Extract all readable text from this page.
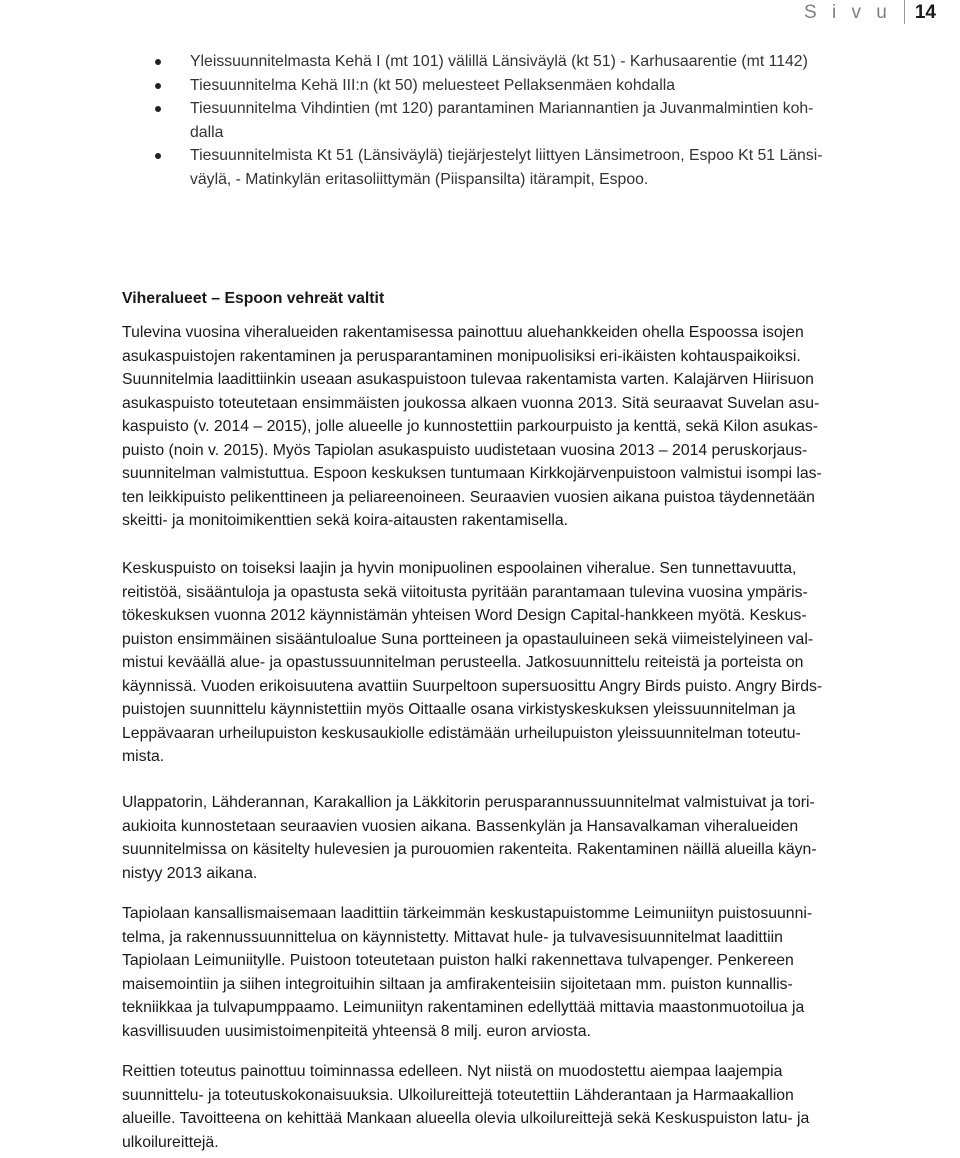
S i v u	14
Yleissuunnitelmasta Kehä I (mt 101) välillä Länsiväylä (kt 51) - Karhusaarentie (mt 1142)
Tiesuunnitelma Kehä III:n (kt 50) meluesteet Pellaksenmäen kohdalla
Tiesuunnitelma Vihdintien (mt 120) parantaminen Mariannantien ja Juvanmalmintien koh-
dalla
Tiesuunnitelmista Kt 51 (Länsiväylä) tiejärjestelyt liittyen Länsimetroon, Espoo Kt 51 Länsi-
väylä, - Matinkylän eritasoliittymän (Piispansilta) itärampit, Espoo.
Viheralueet – Espoon vehreät valtit
Tulevina vuosina viheralueiden rakentamisessa painottuu aluehankkeiden ohella Espoossa isojen
asukaspuistojen rakentaminen ja perusparantaminen monipuolisiksi eri-ikäisten kohtauspaikoiksi.
Suunnitelmia laadittiinkin useaan asukaspuistoon tulevaa rakentamista varten. Kalajärven Hiirisuon
asukaspuisto toteutetaan ensimmäisten joukossa alkaen vuonna 2013. Sitä seuraavat Suvelan asu-
kaspuisto (v. 2014 – 2015), jolle alueelle jo kunnostettiin parkourpuisto ja kenttä, sekä Kilon asukas-
puisto (noin v. 2015). Myös Tapiolan asukaspuisto uudistetaan vuosina 2013 – 2014 peruskorjaus-
suunnitelman valmistuttua. Espoon keskuksen tuntumaan Kirkkojärvenpuistoon valmistui isompi las-
ten leikkipuisto pelikenttineen ja peliareenoineen. Seuraavien vuosien aikana puistoa täydennetään
skeitti- ja monitoimikenttien sekä koira-aitausten rakentamisella.
Keskuspuisto on toiseksi laajin ja hyvin monipuolinen espoolainen viheralue. Sen tunnettavuutta,
reitistöä, sisääntuloja ja opastusta sekä viitoitusta pyritään parantamaan tulevina vuosina ympäris-
tökeskuksen vuonna 2012 käynnistämän yhteisen Word Design Capital-hankkeen myötä. Keskus-
puiston ensimmäinen sisääntuloalue Suna portteineen ja opastauluineen sekä viimeistelyineen val-
mistui keväällä alue- ja opastussuunnitelman perusteella. Jatkosuunnittelu reiteistä ja porteista on
käynnissä. Vuoden erikoisuutena avattiin Suurpeltoon supersuosittu Angry Birds puisto. Angry Birds-
puistojen suunnittelu käynnistettiin myös Oittaalle osana virkistyskeskuksen yleissuunnitelman ja
Leppävaaran urheilupuiston keskusaukiolle edistämään urheilupuiston yleissuunnitelman toteutu-
mista.
Ulappatorin, Lähderannan, Karakallion ja Läkkitorin perusparannussuunnitelmat valmistuivat ja tori-
aukioita kunnostetaan seuraavien vuosien aikana. Bassenkylän ja Hansavalkaman viheralueiden
suunnitelmissa on käsitelty hulevesien ja purouomien rakenteita. Rakentaminen näillä alueilla käyn-
nistyy 2013 aikana.
Tapiolaan kansallismaisemaan laadittiin tärkeimmän keskustapuistomme Leimuniityn puistosuunni-
telma, ja rakennussuunnittelua on käynnistetty. Mittavat hule- ja tulvavesisuunnitelmat laadittiin
Tapiolaan Leimuniitylle. Puistoon toteutetaan puiston halki rakennettava tulvapenger. Penkereen
maisemointiin ja siihen integroituihin siltaan ja amfirakenteisiin sijoitetaan mm. puiston kunnallis-
tekniikkaa ja tulvapumppaamo. Leimuniityn rakentaminen edellyttää mittavia maastonmuotoilua ja
kasvillisuuden uusimistoimenpiteitä yhteensä 8 milj. euron arviosta.
Reittien toteutus painottuu toiminnassa edelleen. Nyt niistä on muodostettu aiempaa laajempia
suunnittelu- ja toteutuskokonaisuuksia. Ulkoilureittejä toteutettiin Lähderantaan ja Harmaakallion
alueille. Tavoitteena on kehittää Mankaan alueella olevia ulkoilureittejä sekä Keskuspuiston latu- ja
ulkoilureittejä.
